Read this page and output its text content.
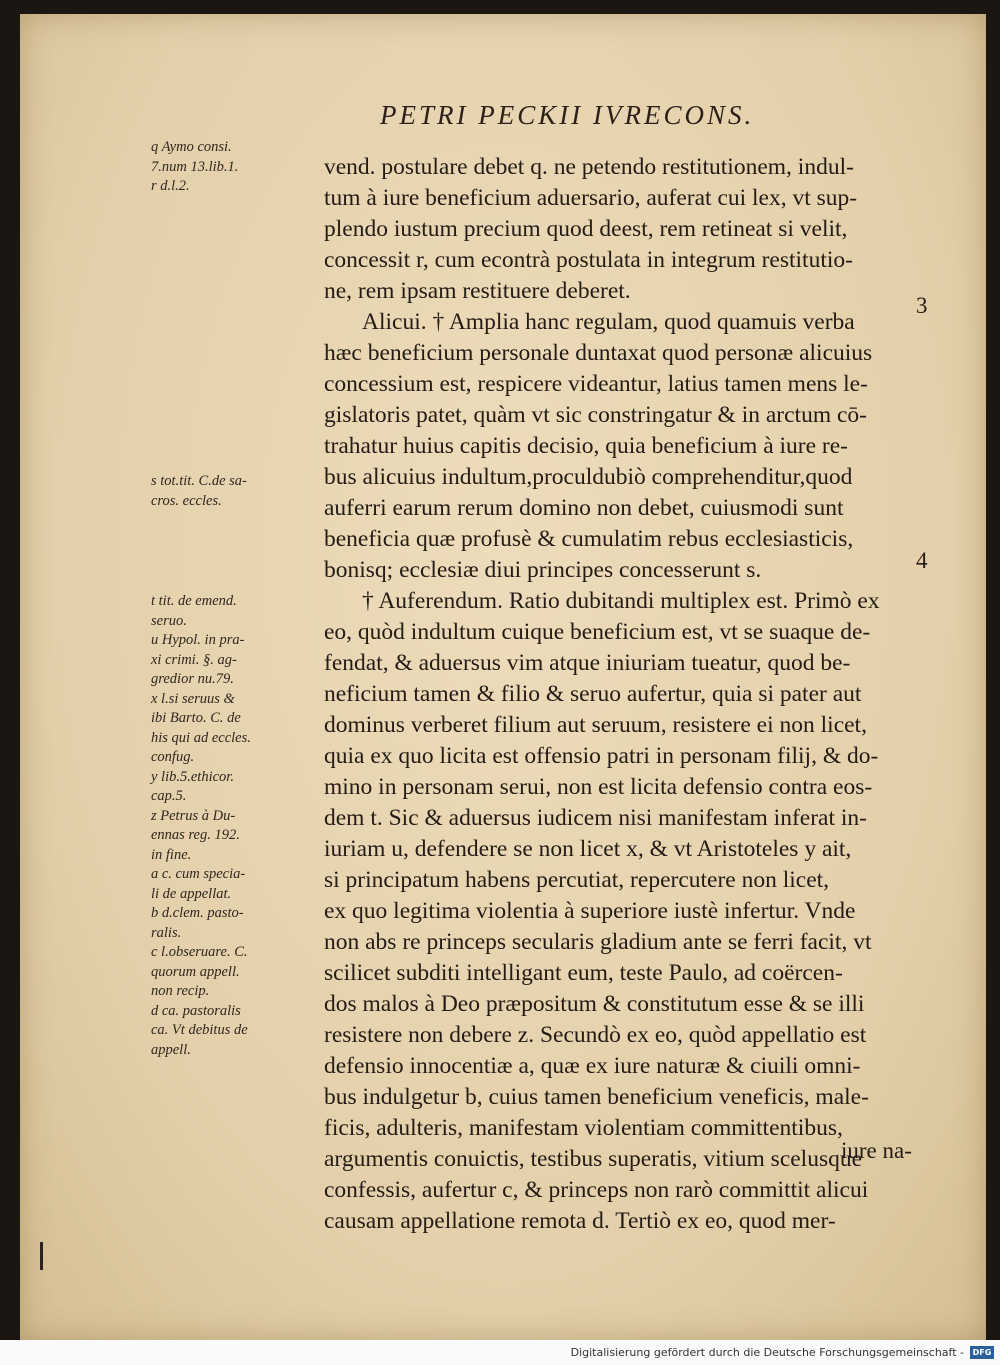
PETRI PECKII IVRECONS.
q Aymo consi.
7.num 13.lib.1.
r d.l.2.
s tot.tit. C.de sa-
cros. eccles.
t tit. de emend.
seruo.
u Hypol. in pra-
xi crimi. §. ag-
gredior nu.79.
x l.si seruus &
ibi Barto. C. de
his qui ad eccles.
confug.
y lib.5.ethicor.
cap.5.
z Petrus à Du-
ennas reg. 192.
in fine.
a c. cum specia-
li de appellat.
b d.clem. pasto-
ralis.
c l.obseruare. C.
quorum appell.
non recip.
d ca. pastoralis
ca. Vt debitus de
appell.
vend. postulare debet q. ne petendo restitutionem, indul-
tum à iure beneficium aduersario, auferat cui lex, vt sup-
plendo iustum precium quod deest, rem retineat si velit,
concessit r, cum econtrà postulata in integrum restitutio-
ne, rem ipsam restituere deberet.
Alicui. † Amplia hanc regulam, quod quamuis verba
hæc beneficium personale duntaxat quod personæ alicuius
concessium est, respicere videantur, latius tamen mens le-
gislatoris patet, quàm vt sic constringatur & in arctum cō-
trahatur huius capitis decisio, quia beneficium à iure re-
bus alicuius indultum,proculdubiò comprehenditur,quod
auferri earum rerum domino non debet, cuiusmodi sunt
beneficia quæ profusè & cumulatim rebus ecclesiasticis,
bonisq; ecclesiæ diui principes concesserunt s.
† Auferendum. Ratio dubitandi multiplex est. Primò ex
eo, quòd indultum cuique beneficium est, vt se suaque de-
fendat, & aduersus vim atque iniuriam tueatur, quod be-
neficium tamen & filio & seruo aufertur, quia si pater aut
dominus verberet filium aut seruum, resistere ei non licet,
quia ex quo licita est offensio patri in personam filij, & do-
mino in personam serui, non est licita defensio contra eos-
dem t. Sic & aduersus iudicem nisi manifestam inferat in-
iuriam u, defendere se non licet x, & vt Aristoteles y ait,
si principatum habens percutiat, repercutere non licet,
ex quo legitima violentia à superiore iustè infertur. Vnde
non abs re princeps secularis gladium ante se ferri facit, vt
scilicet subditi intelligant eum, teste Paulo, ad coërcen-
dos malos à Deo præpositum & constitutum esse & se illi
resistere non debere z. Secundò ex eo, quòd appellatio est
defensio innocentiæ a, quæ ex iure naturæ & ciuili omni-
bus indulgetur b, cuius tamen beneficium veneficis, male-
ficis, adulteris, manifestam violentiam committentibus,
argumentis conuictis, testibus superatis, vitium scelusque
confessis, aufertur c, & princeps non rarò committit alicui
causam appellatione remota d. Tertiò ex eo, quod mer-
3
4
iure na-
Digitalisierung gefördert durch die Deutsche Forschungsgemeinschaft -	DFG
